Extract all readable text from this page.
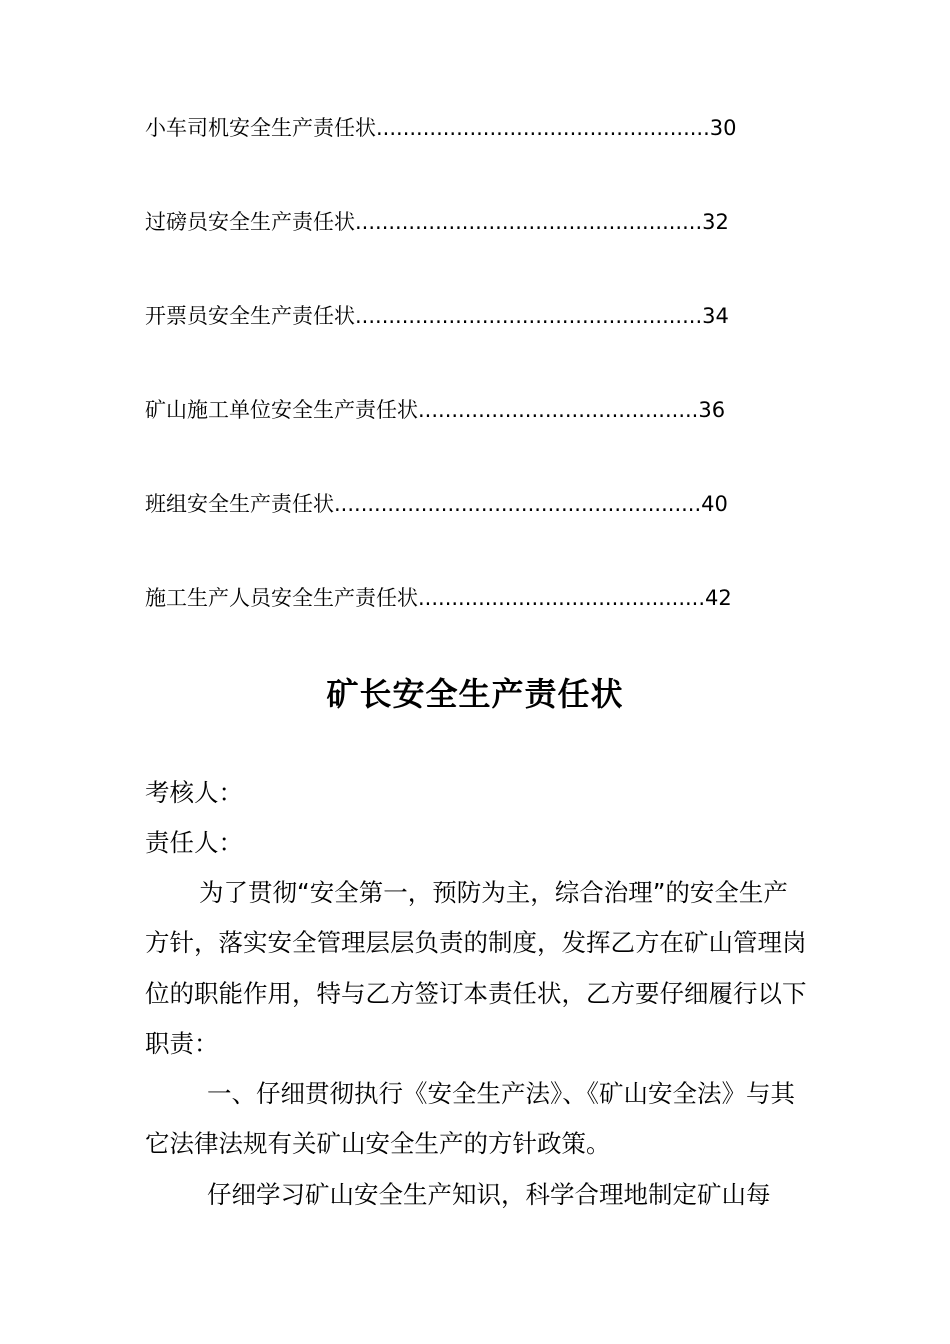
小车司机安全生产责任状 .................................................. 30
过磅员安全生产责任状 .................................................... 32
开票员安全生产责任状 .................................................... 34
矿山施工单位安全生产责任状 .......................................... 36
班组安全生产责任状 ....................................................... 40
施工生产人员安全生产责任状 ........................................... 42
矿长安全生产责任状
考核人：
责任人：
为了贯彻“安全第一，预防为主，综合治理”的安全生产方针，落实安全管理层层负责的制度，发挥乙方在矿山管理岗位的职能作用，特与乙方签订本责任状，乙方要仔细履行以下职责：
一、仔细贯彻执行《安全生产法》、《矿山安全法》与其它法律法规有关矿山安全生产的方针政策。
仔细学习矿山安全生产知识，科学合理地制定矿山每
